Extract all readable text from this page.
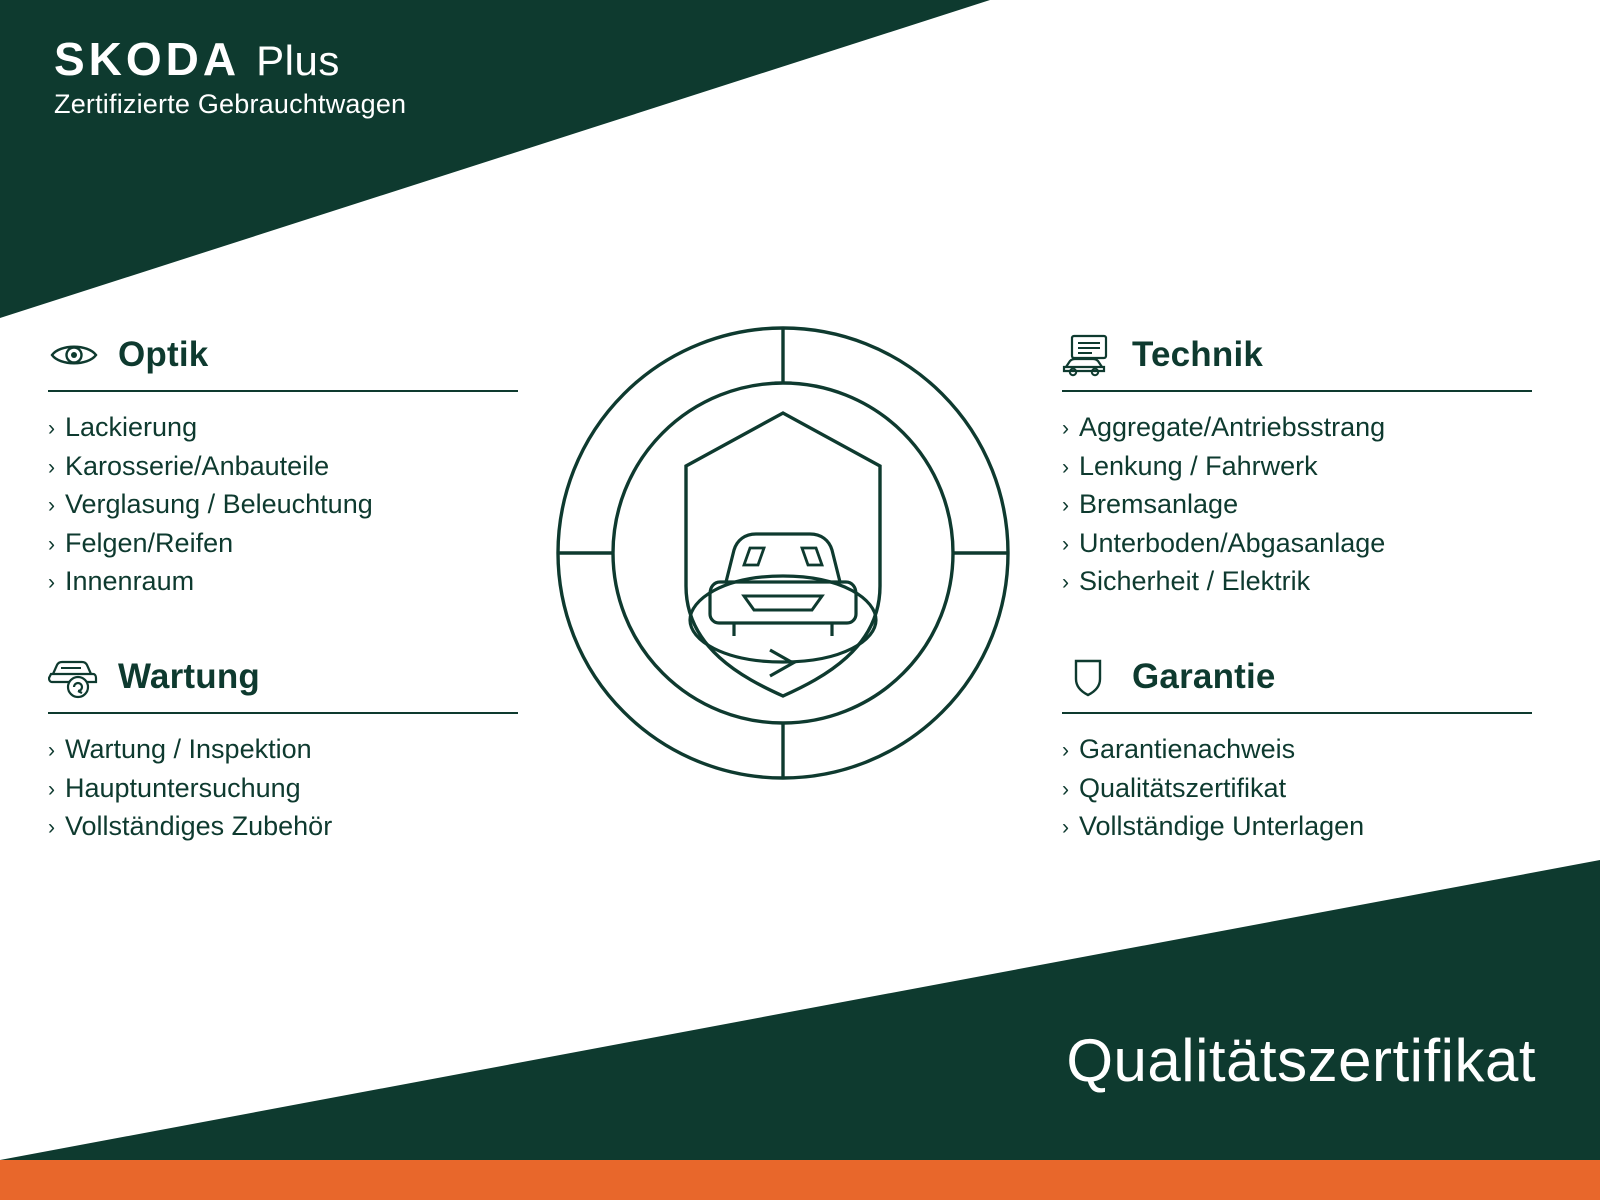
SKODA Plus
Zertifizierte Gebrauchtwagen
Optik
› Lackierung
› Karosserie/Anbauteile
› Verglasung / Beleuchtung
› Felgen/Reifen
› Innenraum
Wartung
› Wartung / Inspektion
› Hauptuntersuchung
› Vollständiges Zubehör
Technik
› Aggregate/Antriebsstrang
› Lenkung / Fahrwerk
› Bremsanlage
› Unterboden/Abgasanlage
› Sicherheit / Elektrik
Garantie
› Garantienachweis
› Qualitätszertifikat
› Vollständige Unterlagen
Qualitätszertifikat
